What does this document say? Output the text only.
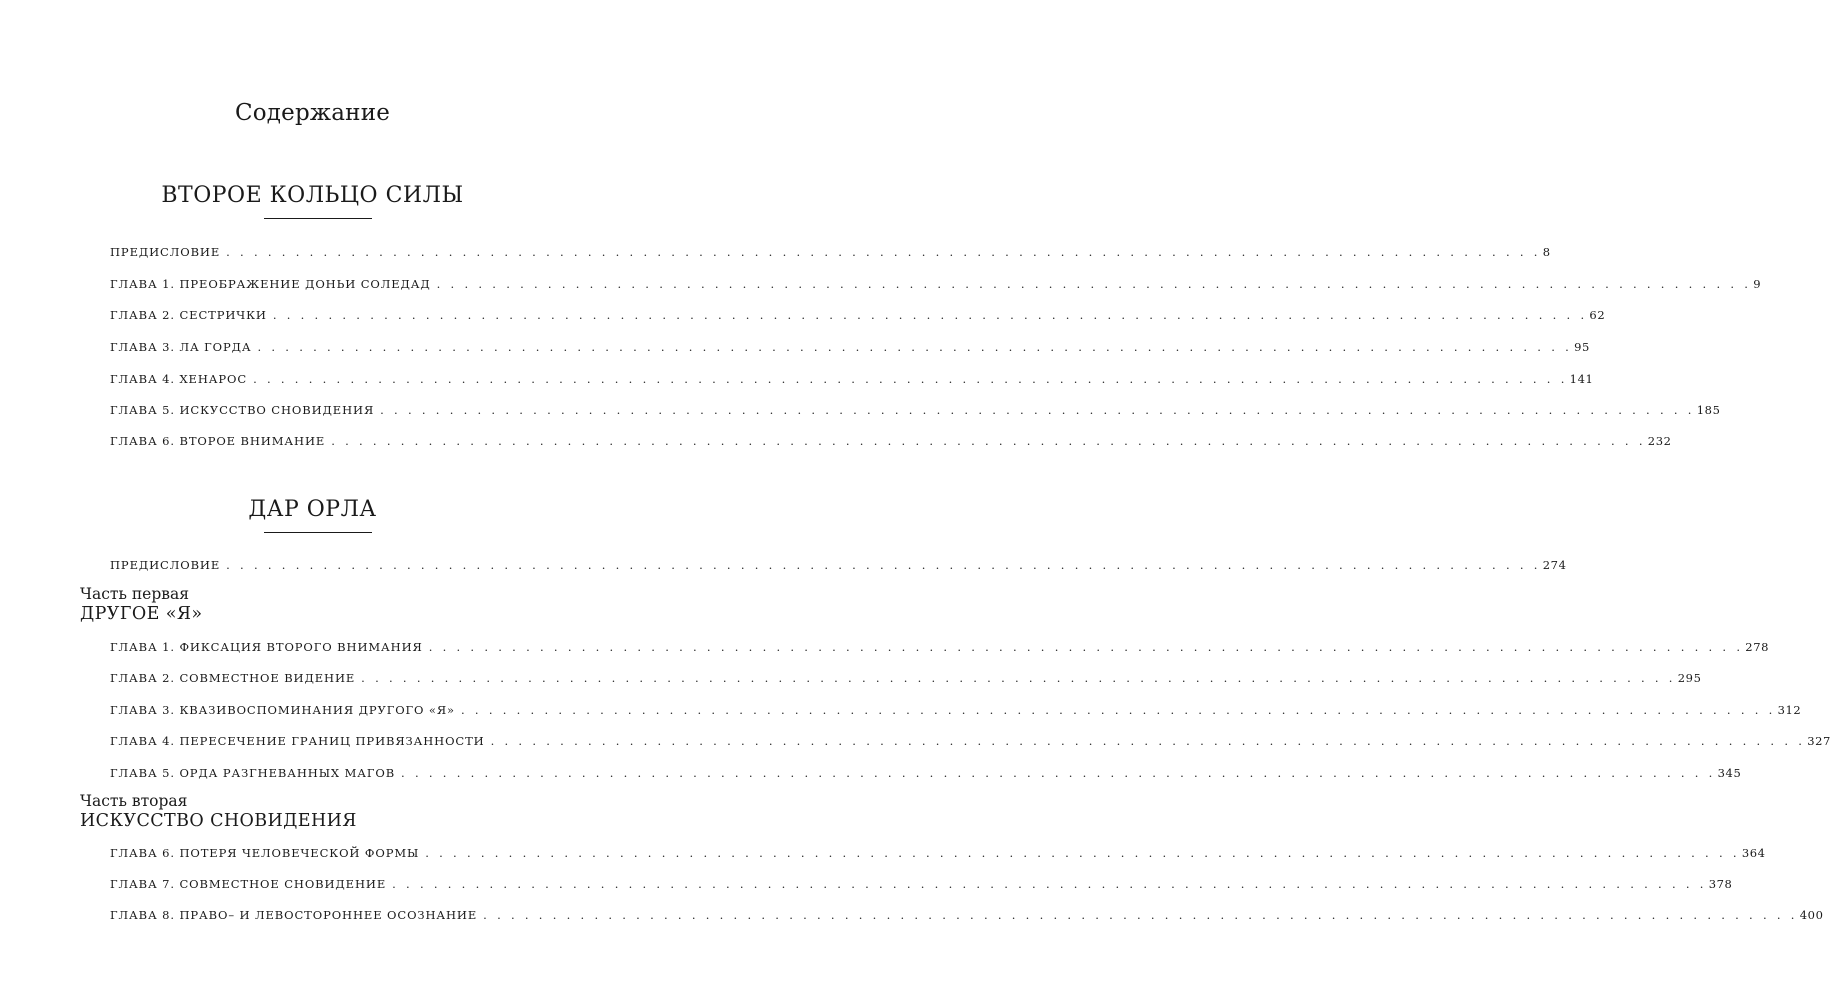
Содержание
ВТОРОЕ КОЛЬЦО СИЛЫ
ПРЕДИСЛОВИЕ . . . . . . . . . . . . . . . . . . . . . . . . . . . . . . . . . . . . . . . . . . . . . . . . . . . . . . . . . . . . . . . . . . . . . . . . . . . . . . . . . . . . . . . . . . . . . . . 8
ГЛАВА 1. ПРЕОБРАЖЕНИЕ ДОНЬИ СОЛЕДАД . . . . . . . . . . . . . . . . . . . . . . . . . . . . . . . . . . . . . . . . . . . . . . . . . . . . . . . . . . . . . . . . . . . . . . . . . . . . . . . . . . . . . . . . . . . . . . . 9
ГЛАВА 2. СЕСТРИЧКИ . . . . . . . . . . . . . . . . . . . . . . . . . . . . . . . . . . . . . . . . . . . . . . . . . . . . . . . . . . . . . . . . . . . . . . . . . . . . . . . . . . . . . . . . . . . . . . . 62
ГЛАВА 3. ЛА ГОРДА . . . . . . . . . . . . . . . . . . . . . . . . . . . . . . . . . . . . . . . . . . . . . . . . . . . . . . . . . . . . . . . . . . . . . . . . . . . . . . . . . . . . . . . . . . . . . . . 95
ГЛАВА 4. ХЕНАРОС . . . . . . . . . . . . . . . . . . . . . . . . . . . . . . . . . . . . . . . . . . . . . . . . . . . . . . . . . . . . . . . . . . . . . . . . . . . . . . . . . . . . . . . . . . . . . . . 141
ГЛАВА 5. ИСКУССТВО СНОВИДЕНИЯ . . . . . . . . . . . . . . . . . . . . . . . . . . . . . . . . . . . . . . . . . . . . . . . . . . . . . . . . . . . . . . . . . . . . . . . . . . . . . . . . . . . . . . . . . . . . . . . 185
ГЛАВА 6. ВТОРОЕ ВНИМАНИЕ . . . . . . . . . . . . . . . . . . . . . . . . . . . . . . . . . . . . . . . . . . . . . . . . . . . . . . . . . . . . . . . . . . . . . . . . . . . . . . . . . . . . . . . . . . . . . . . 232
ДАР ОРЛА
ПРЕДИСЛОВИЕ . . . . . . . . . . . . . . . . . . . . . . . . . . . . . . . . . . . . . . . . . . . . . . . . . . . . . . . . . . . . . . . . . . . . . . . . . . . . . . . . . . . . . . . . . . . . . . . 274
Часть первая
ДРУГОЕ «Я»
ГЛАВА 1. ФИКСАЦИЯ ВТОРОГО ВНИМАНИЯ . . . . . . . . . . . . . . . . . . . . . . . . . . . . . . . . . . . . . . . . . . . . . . . . . . . . . . . . . . . . . . . . . . . . . . . . . . . . . . . . . . . . . . . . . . . . . . . 278
ГЛАВА 2. СОВМЕСТНОЕ ВИДЕНИЕ . . . . . . . . . . . . . . . . . . . . . . . . . . . . . . . . . . . . . . . . . . . . . . . . . . . . . . . . . . . . . . . . . . . . . . . . . . . . . . . . . . . . . . . . . . . . . . . 295
ГЛАВА 3. КВАЗИВОСПОМИНАНИЯ ДРУГОГО «Я» . . . . . . . . . . . . . . . . . . . . . . . . . . . . . . . . . . . . . . . . . . . . . . . . . . . . . . . . . . . . . . . . . . . . . . . . . . . . . . . . . . . . . . . . . . . . . . . 312
ГЛАВА 4. ПЕРЕСЕЧЕНИЕ ГРАНИЦ ПРИВЯЗАННОСТИ . . . . . . . . . . . . . . . . . . . . . . . . . . . . . . . . . . . . . . . . . . . . . . . . . . . . . . . . . . . . . . . . . . . . . . . . . . . . . . . . . . . . . . . . . . . . . . . 327
ГЛАВА 5. ОРДА РАЗГНЕВАННЫХ МАГОВ . . . . . . . . . . . . . . . . . . . . . . . . . . . . . . . . . . . . . . . . . . . . . . . . . . . . . . . . . . . . . . . . . . . . . . . . . . . . . . . . . . . . . . . . . . . . . . . 345
Часть вторая
ИСКУССТВО СНОВИДЕНИЯ
ГЛАВА 6. ПОТЕРЯ ЧЕЛОВЕЧЕСКОЙ ФОРМЫ . . . . . . . . . . . . . . . . . . . . . . . . . . . . . . . . . . . . . . . . . . . . . . . . . . . . . . . . . . . . . . . . . . . . . . . . . . . . . . . . . . . . . . . . . . . . . . . 364
ГЛАВА 7. СОВМЕСТНОЕ СНОВИДЕНИЕ . . . . . . . . . . . . . . . . . . . . . . . . . . . . . . . . . . . . . . . . . . . . . . . . . . . . . . . . . . . . . . . . . . . . . . . . . . . . . . . . . . . . . . . . . . . . . . . 378
ГЛАВА 8. ПРАВО– И ЛЕВОСТОРОННЕЕ ОСОЗНАНИЕ . . . . . . . . . . . . . . . . . . . . . . . . . . . . . . . . . . . . . . . . . . . . . . . . . . . . . . . . . . . . . . . . . . . . . . . . . . . . . . . . . . . . . . . . . . . . . . . 400
